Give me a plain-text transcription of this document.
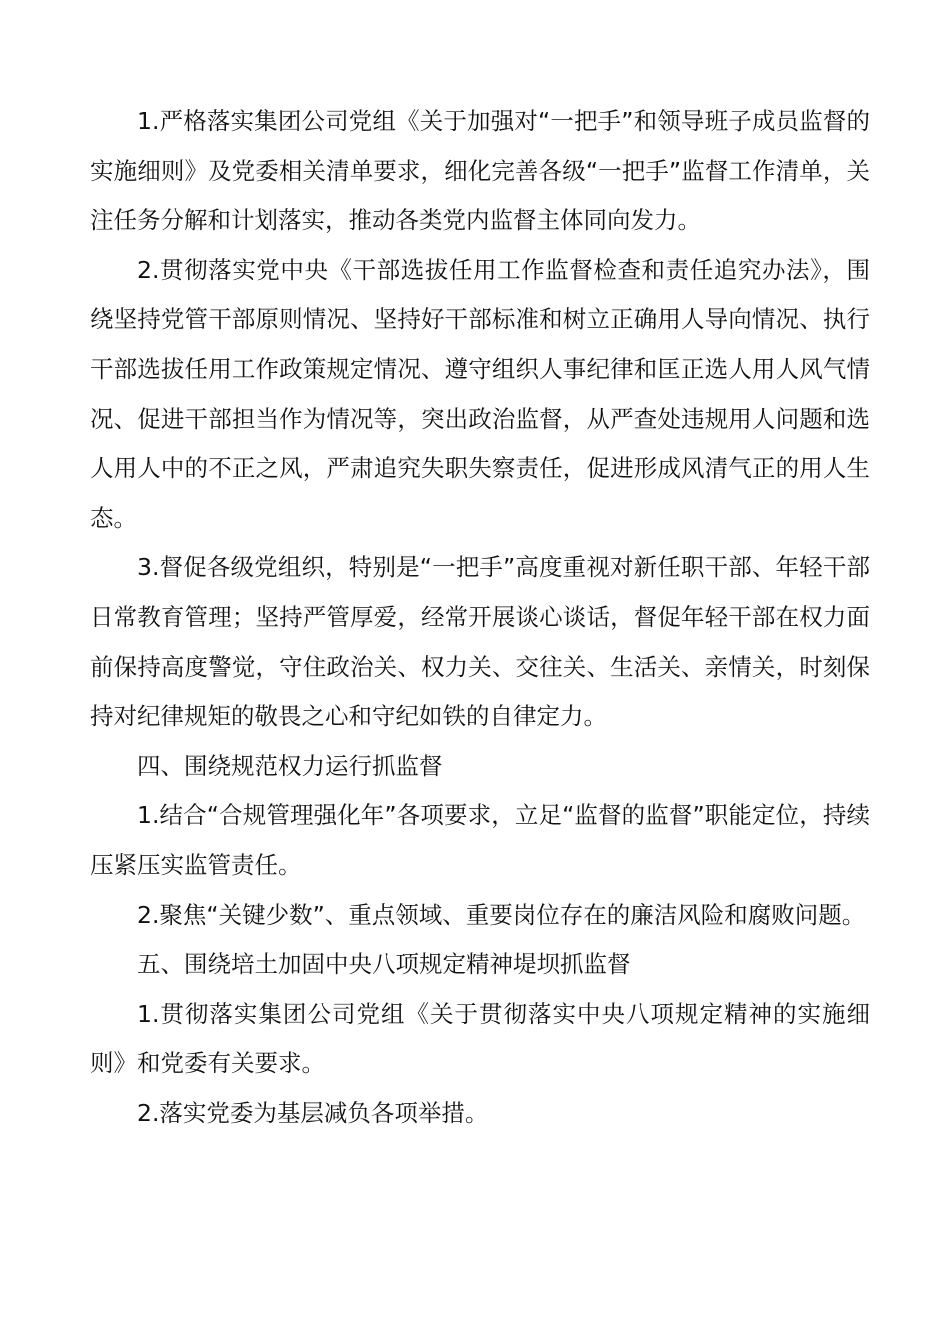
1.严格落实集团公司党组《关于加强对“一把手”和领导班子成员监督的实施细则》及党委相关清单要求，细化完善各级“一把手”监督工作清单，关注任务分解和计划落实，推动各类党内监督主体同向发力。

2.贯彻落实党中央《干部选拔任用工作监督检查和责任追究办法》，围绕坚持党管干部原则情况、坚持好干部标准和树立正确用人导向情况、执行干部选拔任用工作政策规定情况、遵守组织人事纪律和匡正选人用人风气情况、促进干部担当作为情况等，突出政治监督，从严查处违规用人问题和选人用人中的不正之风，严肃追究失职失察责任，促进形成风清气正的用人生态。

3.督促各级党组织，特别是“一把手”高度重视对新任职干部、年轻干部日常教育管理；坚持严管厚爱，经常开展谈心谈话，督促年轻干部在权力面前保持高度警觉，守住政治关、权力关、交往关、生活关、亲情关，时刻保持对纪律规矩的敬畏之心和守纪如铁的自律定力。

四、围绕规范权力运行抓监督

1.结合“合规管理强化年”各项要求，立足“监督的监督”职能定位，持续压紧压实监管责任。

2.聚焦“关键少数”、重点领域、重要岗位存在的廉洁风险和腐败问题。

五、围绕培土加固中央八项规定精神堤坝抓监督

1.贯彻落实集团公司党组《关于贯彻落实中央八项规定精神的实施细则》和党委有关要求。

2.落实党委为基层减负各项举措。
